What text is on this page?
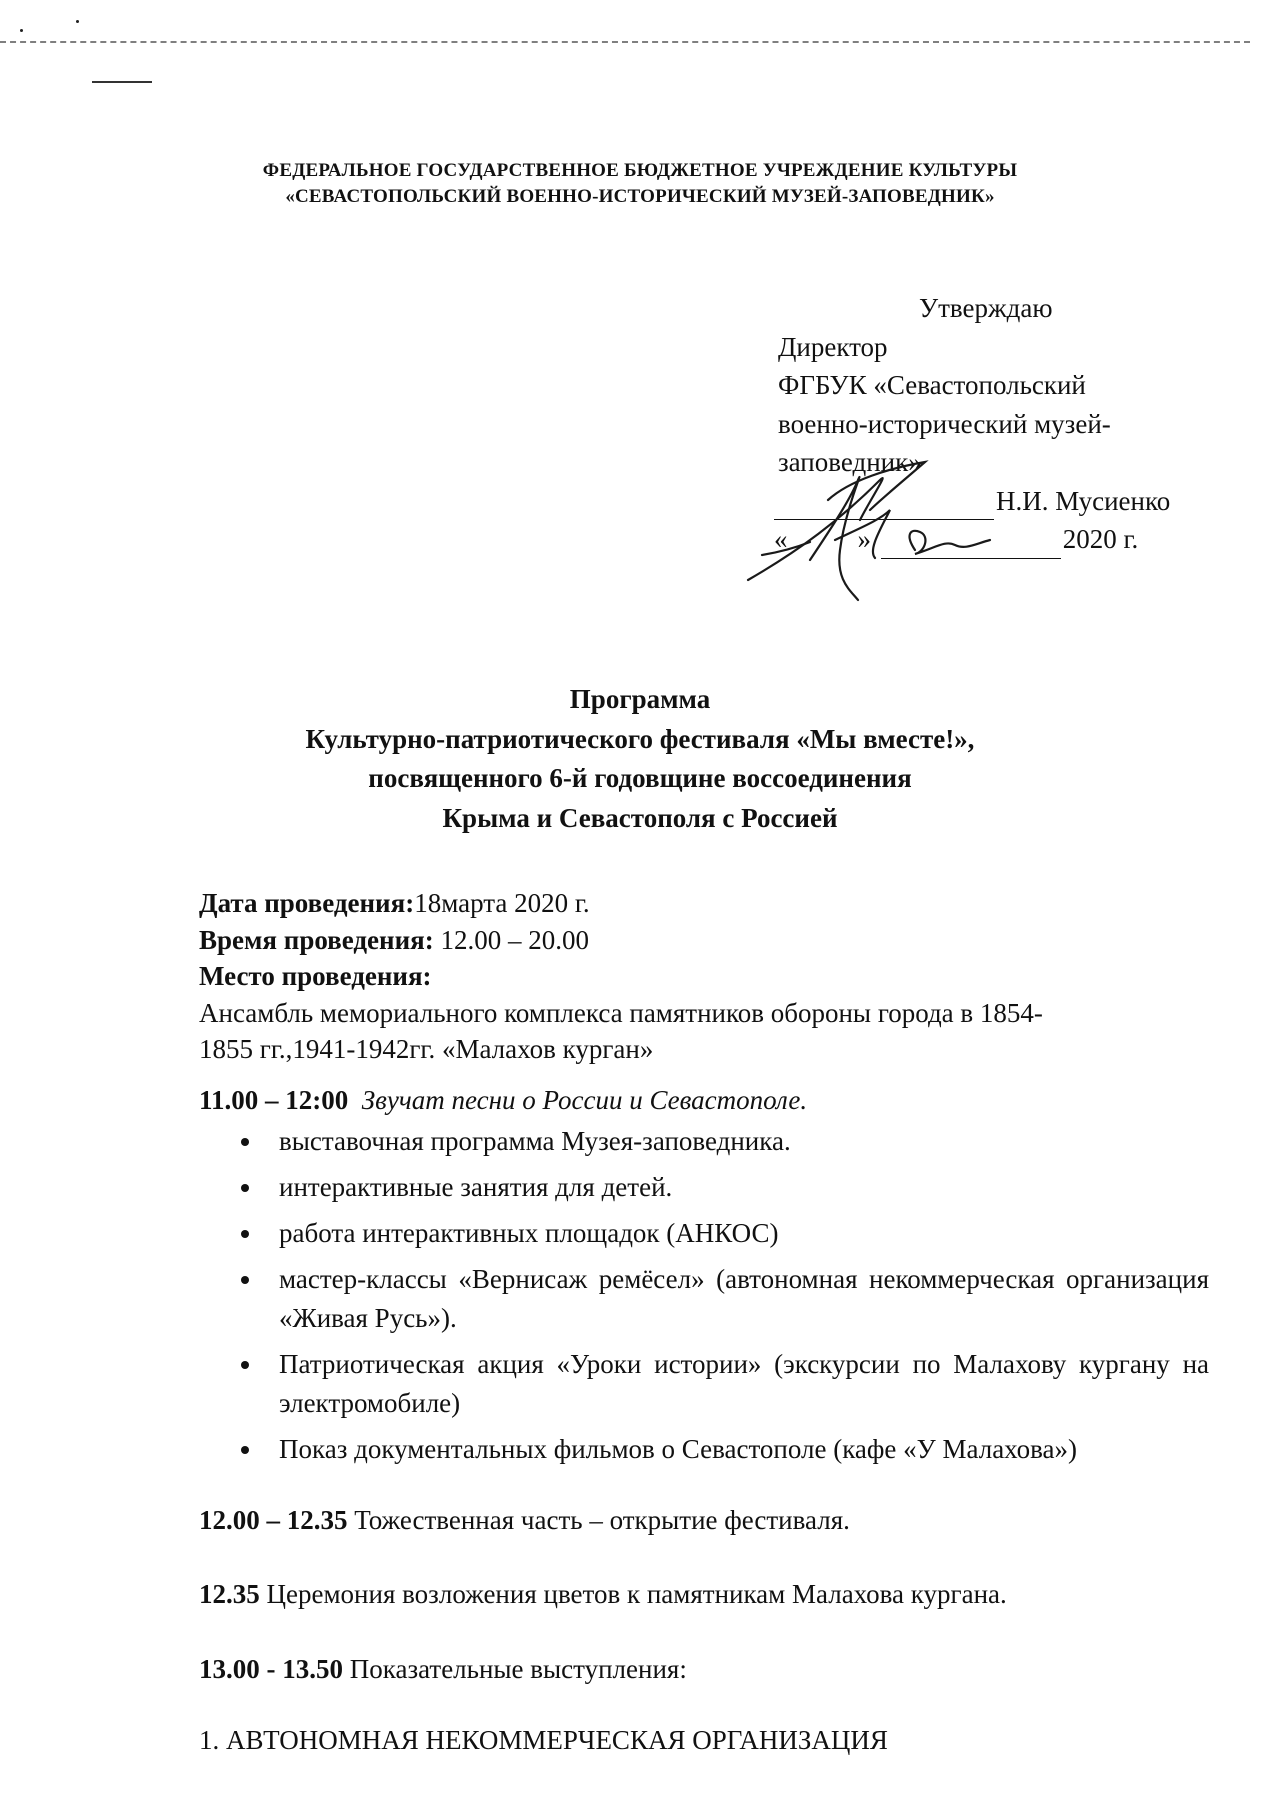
ФЕДЕРАЛЬНОЕ ГОСУДАРСТВЕННОЕ БЮДЖЕТНОЕ УЧРЕЖДЕНИЕ КУЛЬТУРЫ
«СЕВАСТОПОЛЬСКИЙ ВОЕННО-ИСТОРИЧЕСКИЙ МУЗЕЙ-ЗАПОВЕДНИК»
Утверждаю
Директор
ФГБУК «Севастопольский
военно-исторический музей-
заповедник»
Н.И. Мусиенко
«	»	2020 г.
Программа
Культурно-патриотического фестиваля «Мы вместе!»,
посвященного 6-й годовщине воссоединения
Крыма и Севастополя с Россией
Дата проведения:18марта 2020 г.
Время проведения: 12.00 – 20.00
Место проведения:
Ансамбль мемориального комплекса памятников обороны города в 1854-
1855 гг.,1941-1942гг. «Малахов курган»
11.00 – 12:00 Звучат песни о России и Севастополе.
выставочная программа Музея-заповедника.
интерактивные занятия для детей.
работа интерактивных площадок (АНКОС)
мастер-классы «Вернисаж ремёсел» (автономная некоммерческая организация «Живая Русь»).
Патриотическая акция «Уроки истории» (экскурсии по Малахову кургану на электромобиле)
Показ документальных фильмов о Севастополе (кафе «У Малахова»)
12.00 – 12.35 Тожественная часть – открытие фестиваля.
12.35 Церемония возложения цветов к памятникам Малахова кургана.
13.00 - 13.50 Показательные выступления:
1. АВТОНОМНАЯ НЕКОММЕРЧЕСКАЯ ОРГАНИЗАЦИЯ
